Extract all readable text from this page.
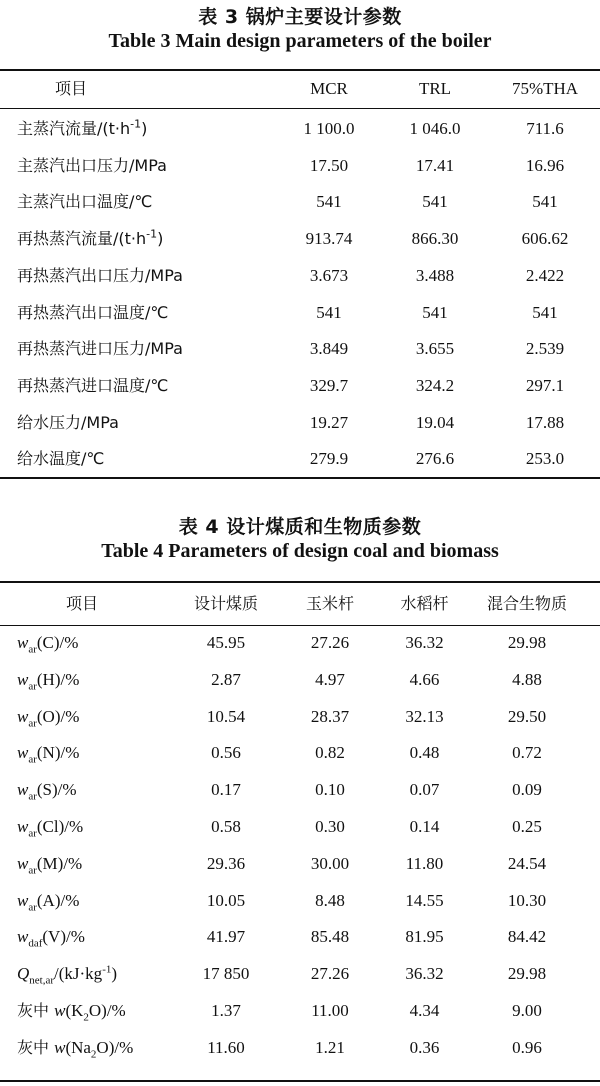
表 3 锅炉主要设计参数
Table 3 Main design parameters of the boiler
项目	MCR	TRL	75%THA
主蒸汽流量$/(t\cdot h^{-1})$	1 100.0	1 046.0	711.6
主蒸汽出口压力/MPa	17.50	17.41	16.96
主蒸汽出口温度/℃	541	541	541
再热蒸汽流量$/(t\cdot h^{-1})$	913.74	866.30	606.62
再热蒸汽出口压力/MPa	3.673	3.488	2.422
再热蒸汽出口温度/℃	541	541	541
再热蒸汽进口压力/MPa	3.849	3.655	2.539
再热蒸汽进口温度/℃	329.7	324.2	297.1
给水压力/MPa	19.27	19.04	17.88
给水温度/℃	279.9	276.6	253.0
表 4 设计煤质和生物质参数
Table 4 Parameters of design coal and biomass
项目	设计煤质	玉米杆	水稻杆	混合生物质
$w_{ar}(C)/\%$	45.95	27.26	36.32	29.98
$w_{ar}(H)/\%$	2.87	4.97	4.66	4.88
$w_{ar}(O)/\%$	10.54	28.37	32.13	29.50
$w_{ar}(N)/\%$	0.56	0.82	0.48	0.72
$w_{ar}(S)/\%$	0.17	0.10	0.07	0.09
$w_{ar}(Cl)/\%$	0.58	0.30	0.14	0.25
$w_{ar}(M)/\%$	29.36	30.00	11.80	24.54
$w_{ar}(A)/\%$	10.05	8.48	14.55	10.30
$w_{daf}(V)/\%$	41.97	85.48	81.95	84.42
$Q_{net,ar}/(kJ\cdot kg^{-1})$	17 850	27.26	36.32	29.98
灰中 $w(K_2O)/\%$	1.37	11.00	4.34	9.00
灰中 $w(Na_2O)/\%$	11.60	1.21	0.36	0.96
